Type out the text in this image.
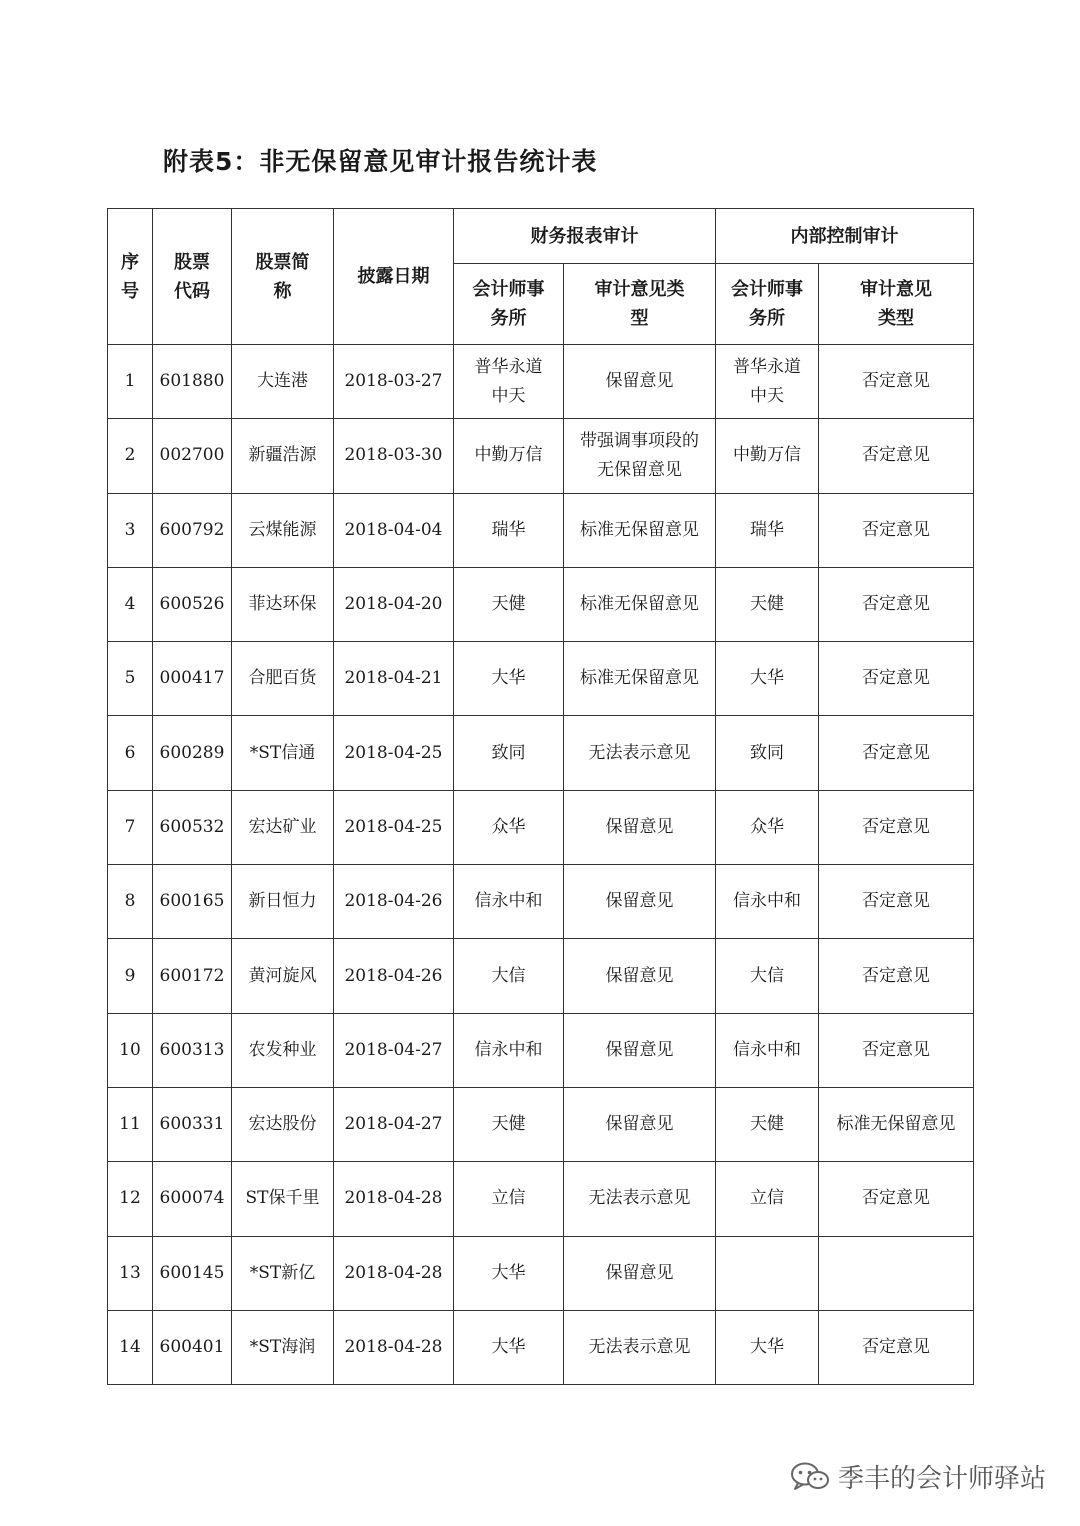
附表5：非无保留意见审计报告统计表
序号	股票代码	股票简称	披露日期	财务报表审计		内部控制审计	
				会计师事务所	审计意见类型	会计师事务所	审计意见类型
1	601880	大连港	2018-03-27	普华永道中天	保留意见	普华永道中天	否定意见
2	002700	新疆浩源	2018-03-30	中勤万信	带强调事项段的无保留意见	中勤万信	否定意见
3	600792	云煤能源	2018-04-04	瑞华	标准无保留意见	瑞华	否定意见
4	600526	菲达环保	2018-04-20	天健	标准无保留意见	天健	否定意见
5	000417	合肥百货	2018-04-21	大华	标准无保留意见	大华	否定意见
6	600289	*ST信通	2018-04-25	致同	无法表示意见	致同	否定意见
7	600532	宏达矿业	2018-04-25	众华	保留意见	众华	否定意见
8	600165	新日恒力	2018-04-26	信永中和	保留意见	信永中和	否定意见
9	600172	黄河旋风	2018-04-26	大信	保留意见	大信	否定意见
10	600313	农发种业	2018-04-27	信永中和	保留意见	信永中和	否定意见
11	600331	宏达股份	2018-04-27	天健	保留意见	天健	标准无保留意见
12	600074	ST保千里	2018-04-28	立信	无法表示意见	立信	否定意见
13	600145	*ST新亿	2018-04-28	大华	保留意见		
14	600401	*ST海润	2018-04-28	大华	无法表示意见	大华	否定意见
季丰的会计师驿站
